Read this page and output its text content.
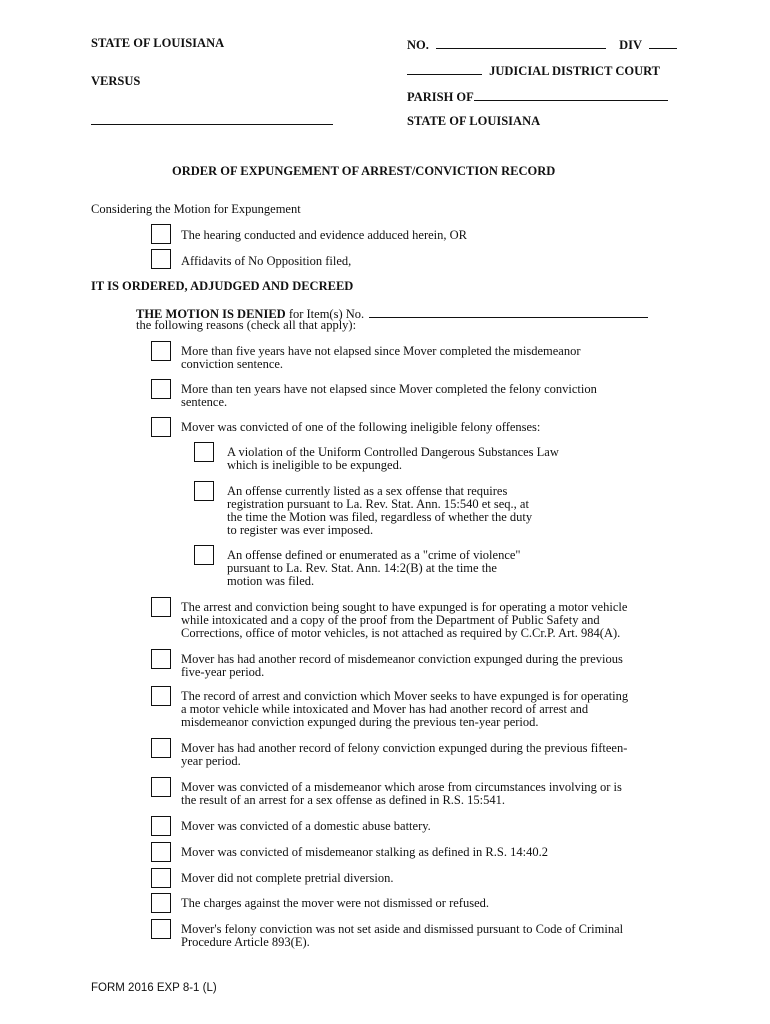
STATE OF LOUISIANA
VERSUS
NO.	DIV
JUDICIAL DISTRICT COURT
PARISH OF
STATE OF LOUISIANA
ORDER OF EXPUNGEMENT OF ARREST/CONVICTION RECORD
Considering the Motion for Expungement
The hearing conducted and evidence adduced herein, OR
Affidavits of No Opposition filed,
IT IS ORDERED, ADJUDGED AND DECREED
THE MOTION IS DENIED for Item(s) No.
the following reasons (check all that apply):
More than five years have not elapsed since Mover completed the misdemeanor
conviction sentence.
More than ten years have not elapsed since Mover completed the felony conviction
sentence.
Mover was convicted of one of the following ineligible felony offenses:
The arrest and conviction being sought to have expunged is for operating a motor vehicle
while intoxicated and a copy of the proof from the Department of Public Safety and
Corrections, office of motor vehicles, is not attached as required by C.Cr.P. Art. 984(A).
Mover has had another record of misdemeanor conviction expunged during the previous
five-year period.
The record of arrest and conviction which Mover seeks to have expunged is for operating
a motor vehicle while intoxicated and Mover has had another record of arrest and
misdemeanor conviction expunged during the previous ten-year period.
Mover has had another record of felony conviction expunged during the previous fifteen-
year period.
Mover was convicted of a misdemeanor which arose from circumstances involving or is
the result of an arrest for a sex offense as defined in R.S. 15:541.
Mover was convicted of a domestic abuse battery.
Mover was convicted of misdemeanor stalking as defined in R.S. 14:40.2
Mover did not complete pretrial diversion.
The charges against the mover were not dismissed or refused.
Mover's felony conviction was not set aside and dismissed pursuant to Code of Criminal
Procedure Article 893(E).
A violation of the Uniform Controlled Dangerous Substances Law
which is ineligible to be expunged.
An offense currently listed as a sex offense that requires
registration pursuant to La. Rev. Stat. Ann. 15:540 et seq., at
the time the Motion was filed, regardless of whether the duty
to register was ever imposed.
An offense defined or enumerated as a "crime of violence"
pursuant to La. Rev. Stat. Ann. 14:2(B) at the time the
motion was filed.
FORM 2016 EXP 8-1 (L)
